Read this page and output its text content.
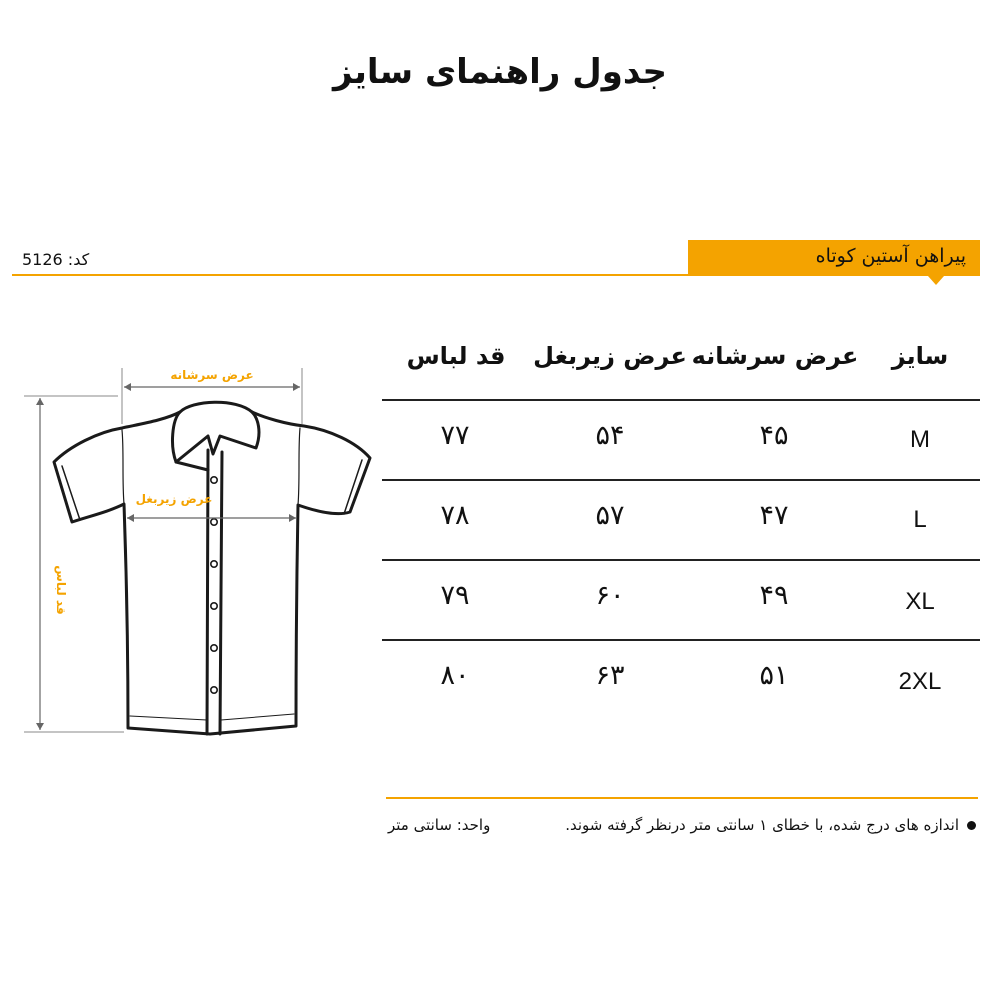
جدول راهنمای سایز
کد: 5126	پیراهن آستین کوتاه
سایز
عرض سرشانه
عرض زیربغل
قد لباس
M
۴۵
۵۴
۷۷
L
۴۷
۵۷
۷۸
XL
۴۹
۶۰
۷۹
2XL
۵۱
۶۳
۸۰
عرض سرشانه
قد لباس
عرض زیربغل
اندازه های درج شده، با خطای ۱ سانتی متر درنظر گرفته شوند.
واحد: سانتی متر
